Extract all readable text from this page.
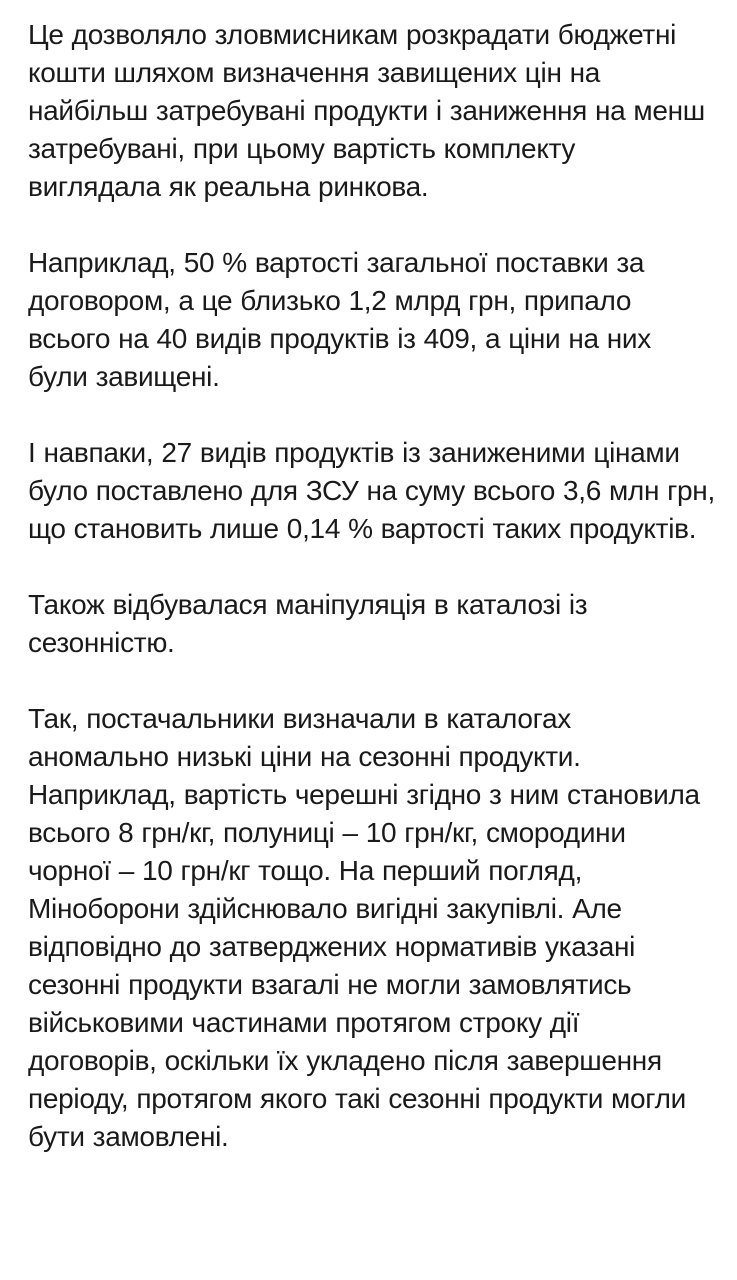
Це дозволяло зловмисникам розкрадати бюджетні кошти шляхом визначення завищених цін на найбільш затребувані продукти і заниження на менш затребувані, при цьому вартість комплекту виглядала як реальна ринкова.

Наприклад, 50 % вартості загальної поставки за договором, а це близько 1,2 млрд грн, припало всього на 40 видів продуктів із 409, а ціни на них були завищені.

І навпаки, 27 видів продуктів із заниженими цінами було поставлено для ЗСУ на суму всього 3,6 млн грн, що становить лише 0,14 % вартості таких продуктів.

Також відбувалася маніпуляція в каталозі із сезонністю.

Так, постачальники визначали в каталогах аномально низькі ціни на сезонні продукти. Наприклад, вартість черешні згідно з ним становила всього 8 грн/кг, полуниці – 10 грн/кг, смородини чорної – 10 грн/кг тощо. На перший погляд, Міноборони здійснювало вигідні закупівлі. Але відповідно до затверджених нормативів указані сезонні продукти взагалі не могли замовлятись військовими частинами протягом строку дії договорів, оскільки їх укладено після завершення періоду, протягом якого такі сезонні продукти могли бути замовлені.
